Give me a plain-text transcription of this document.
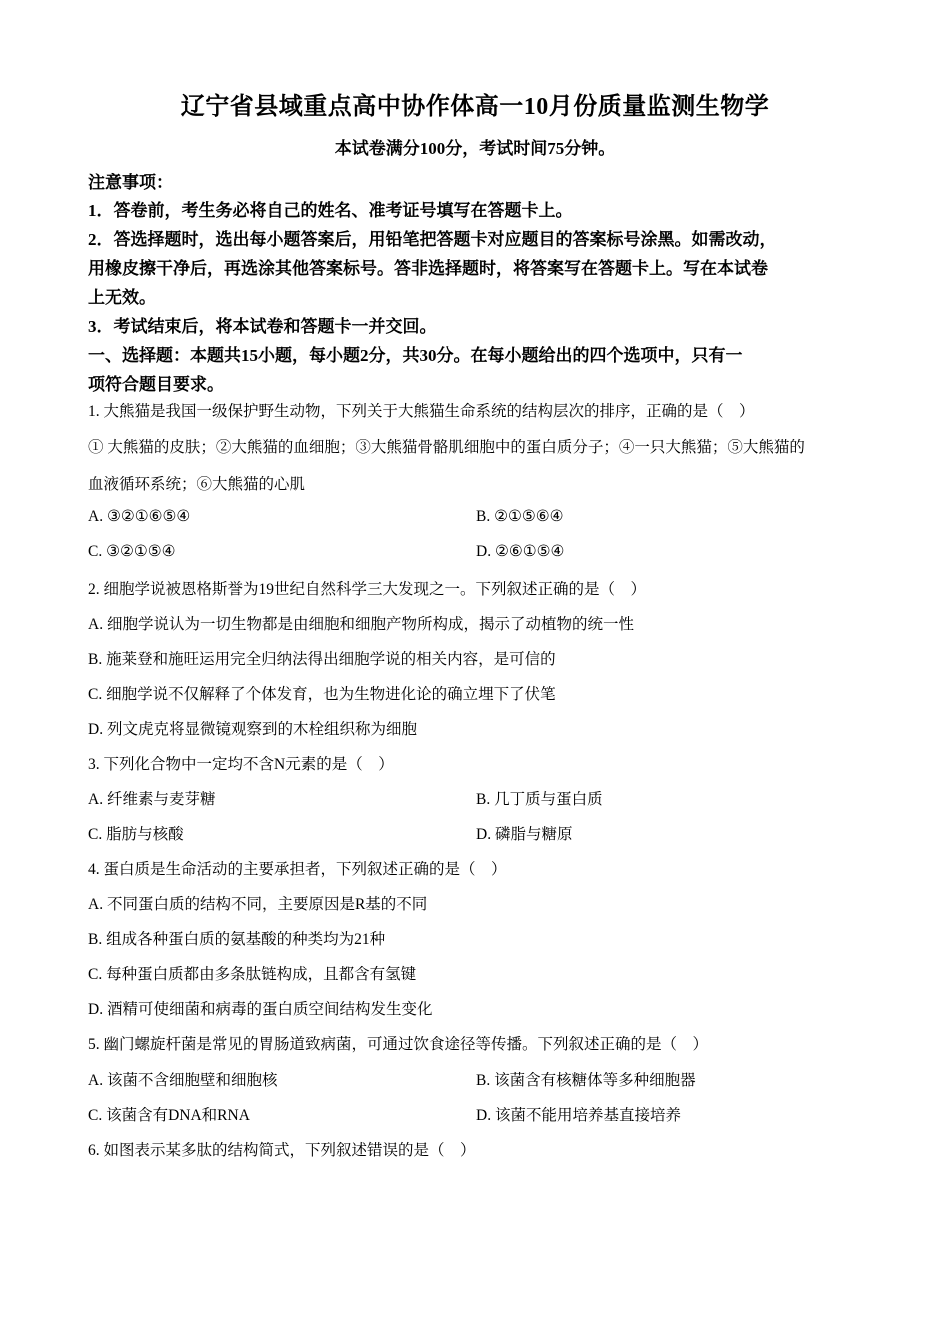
辽宁省县域重点高中协作体高一10月份质量监测生物学
本试卷满分100分，考试时间75分钟。
注意事项：
1．答卷前，考生务必将自己的姓名、准考证号填写在答题卡上。
2．答选择题时，选出每小题答案后，用铅笔把答题卡对应题目的答案标号涂黑。如需改动，
用橡皮擦干净后，再选涂其他答案标号。答非选择题时，将答案写在答题卡上。写在本试卷
上无效。
3．考试结束后，将本试卷和答题卡一并交回。
一、选择题：本题共15小题，每小题2分，共30分。在每小题给出的四个选项中，只有一
项符合题目要求。
1. 大熊猫是我国一级保护野生动物，下列关于大熊猫生命系统的结构层次的排序，正确的是（　）
① 大熊猫的皮肤；②大熊猫的血细胞；③大熊猫骨骼肌细胞中的蛋白质分子；④一只大熊猫；⑤大熊猫的
血液循环系统；⑥大熊猫的心肌
A. ③②①⑥⑤④	B. ②①⑤⑥④
C. ③②①⑤④	D. ②⑥①⑤④
2. 细胞学说被恩格斯誉为19世纪自然科学三大发现之一。下列叙述正确的是（　）
A. 细胞学说认为一切生物都是由细胞和细胞产物所构成，揭示了动植物的统一性
B. 施莱登和施旺运用完全归纳法得出细胞学说的相关内容，是可信的
C. 细胞学说不仅解释了个体发育，也为生物进化论的确立埋下了伏笔
D. 列文虎克将显微镜观察到的木栓组织称为细胞
3. 下列化合物中一定均不含N元素的是（　）
A. 纤维素与麦芽糖	B. 几丁质与蛋白质
C. 脂肪与核酸	D. 磷脂与糖原
4. 蛋白质是生命活动的主要承担者，下列叙述正确的是（　）
A. 不同蛋白质的结构不同，主要原因是R基的不同
B. 组成各种蛋白质的氨基酸的种类均为21种
C. 每种蛋白质都由多条肽链构成，且都含有氢键
D. 酒精可使细菌和病毒的蛋白质空间结构发生变化
5. 幽门螺旋杆菌是常见的胃肠道致病菌，可通过饮食途径等传播。下列叙述正确的是（　）
A. 该菌不含细胞壁和细胞核	B. 该菌含有核糖体等多种细胞器
C. 该菌含有DNA和RNA	D. 该菌不能用培养基直接培养
6. 如图表示某多肽的结构简式，下列叙述错误的是（　）
